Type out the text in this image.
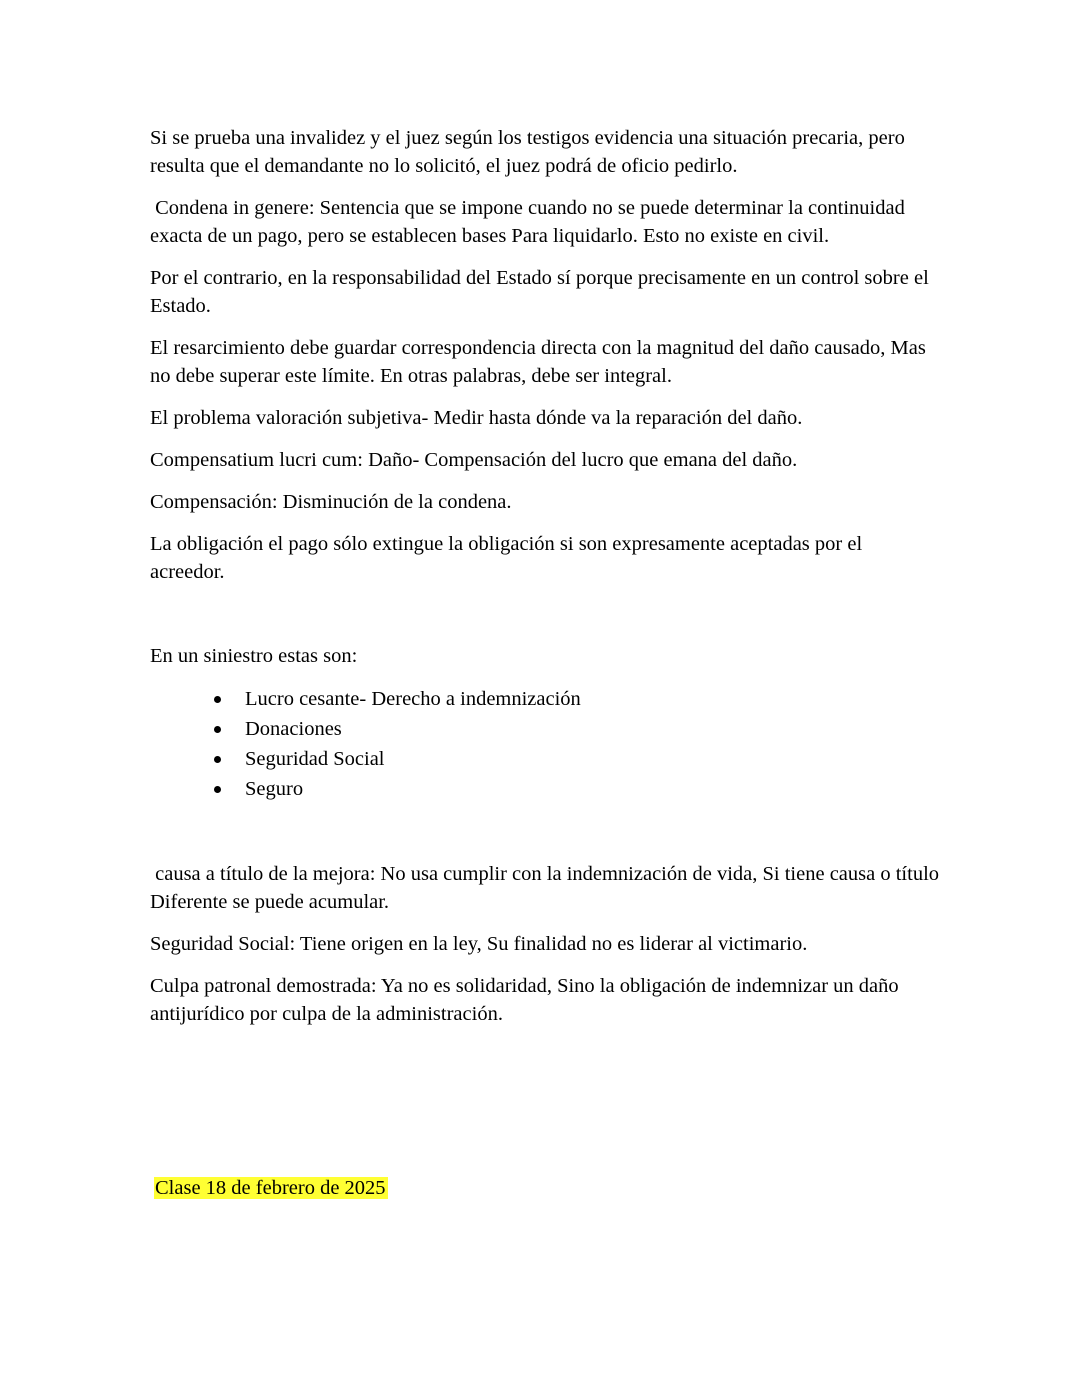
Si se prueba una invalidez y el juez según los testigos evidencia una situación precaria, pero resulta que el demandante no lo solicitó, el juez podrá de oficio pedirlo.

Condena in genere: Sentencia que se impone cuando no se puede determinar la continuidad exacta de un pago, pero se establecen bases Para liquidarlo. Esto no existe en civil.

Por el contrario, en la responsabilidad del Estado sí porque precisamente en un control sobre el Estado.

El resarcimiento debe guardar correspondencia directa con la magnitud del daño causado, Mas no debe superar este límite. En otras palabras, debe ser integral.

El problema valoración subjetiva- Medir hasta dónde va la reparación del daño.

Compensatium lucri cum: Daño- Compensación del lucro que emana del daño.

Compensación: Disminución de la condena.

La obligación el pago sólo extingue la obligación si son expresamente aceptadas por el acreedor.

En un siniestro estas son:

Lucro cesante- Derecho a indemnización
Donaciones
Seguridad Social
Seguro

causa a título de la mejora: No usa cumplir con la indemnización de vida, Si tiene causa o título Diferente se puede acumular.

Seguridad Social: Tiene origen en la ley, Su finalidad no es liderar al victimario.

Culpa patronal demostrada: Ya no es solidaridad, Sino la obligación de indemnizar un daño antijurídico por culpa de la administración.

Clase 18 de febrero de 2025
